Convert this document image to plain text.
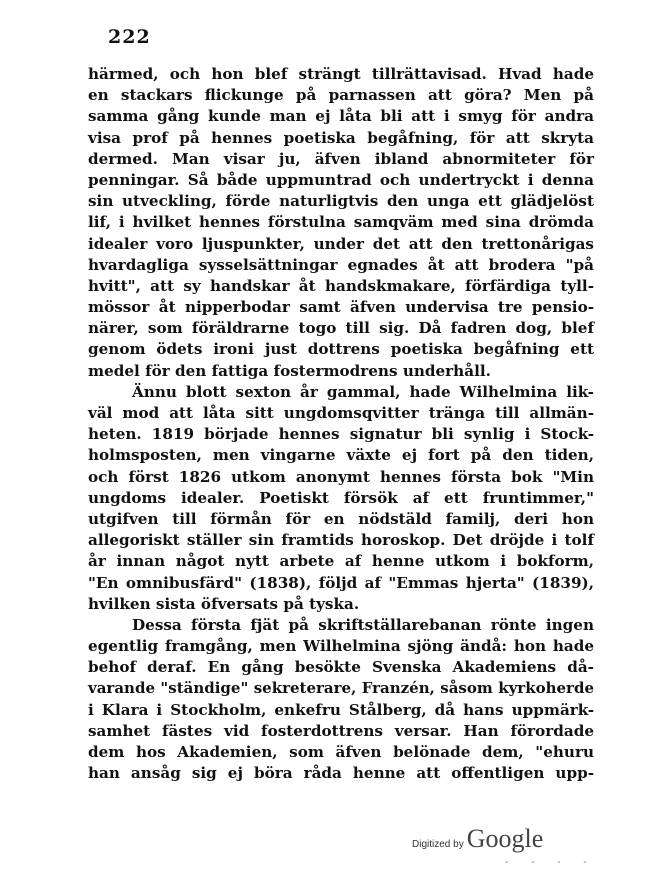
222
härmed, och hon blef strängt tillrättavisad. Hvad hade
en stackars flickunge på parnassen att göra? Men på
samma gång kunde man ej låta bli att i smyg för andra
visa prof på hennes poetiska begåfning, för att skryta
dermed. Man visar ju, äfven ibland abnormiteter för
penningar. Så både uppmuntrad och undertryckt i denna
sin utveckling, förde naturligtvis den unga ett glädjelöst
lif, i hvilket hennes förstulna samqväm med sina drömda
idealer voro ljuspunkter, under det att den trettonårigas
hvardagliga sysselsättningar egnades åt att brodera "på
hvitt", att sy handskar åt handskmakare, förfärdiga tyll-
mössor åt nipperbodar samt äfven undervisa tre pensio-
närer, som föräldrarne togo till sig. Då fadren dog, blef
genom ödets ironi just dottrens poetiska begåfning ett
medel för den fattiga fostermodrens underhåll.
Ännu blott sexton år gammal, hade Wilhelmina lik-
väl mod att låta sitt ungdomsqvitter tränga till allmän-
heten. 1819 började hennes signatur bli synlig i Stock-
holmsposten, men vingarne växte ej fort på den tiden,
och först 1826 utkom anonymt hennes första bok "Min
ungdoms idealer. Poetiskt försök af ett fruntimmer,"
utgifven till förmån för en nödstäld familj, deri hon
allegoriskt ställer sin framtids horoskop. Det dröjde i tolf
år innan något nytt arbete af henne utkom i bokform,
"En omnibusfärd" (1838), följd af "Emmas hjerta" (1839),
hvilken sista öfversats på tyska.
Dessa första fjät på skriftställarebanan rönte ingen
egentlig framgång, men Wilhelmina sjöng ändå: hon hade
behof deraf. En gång besökte Svenska Akademiens då-
varande "ständige" sekreterare, Franzén, såsom kyrkoherde
i Klara i Stockholm, enkefru Stålberg, då hans uppmärk-
samhet fästes vid fosterdottrens versar. Han förordade
dem hos Akademien, som äfven belönade dem, "ehuru
han ansåg sig ej böra råda henne att offentligen upp-
Digitized by Google
- - - -
